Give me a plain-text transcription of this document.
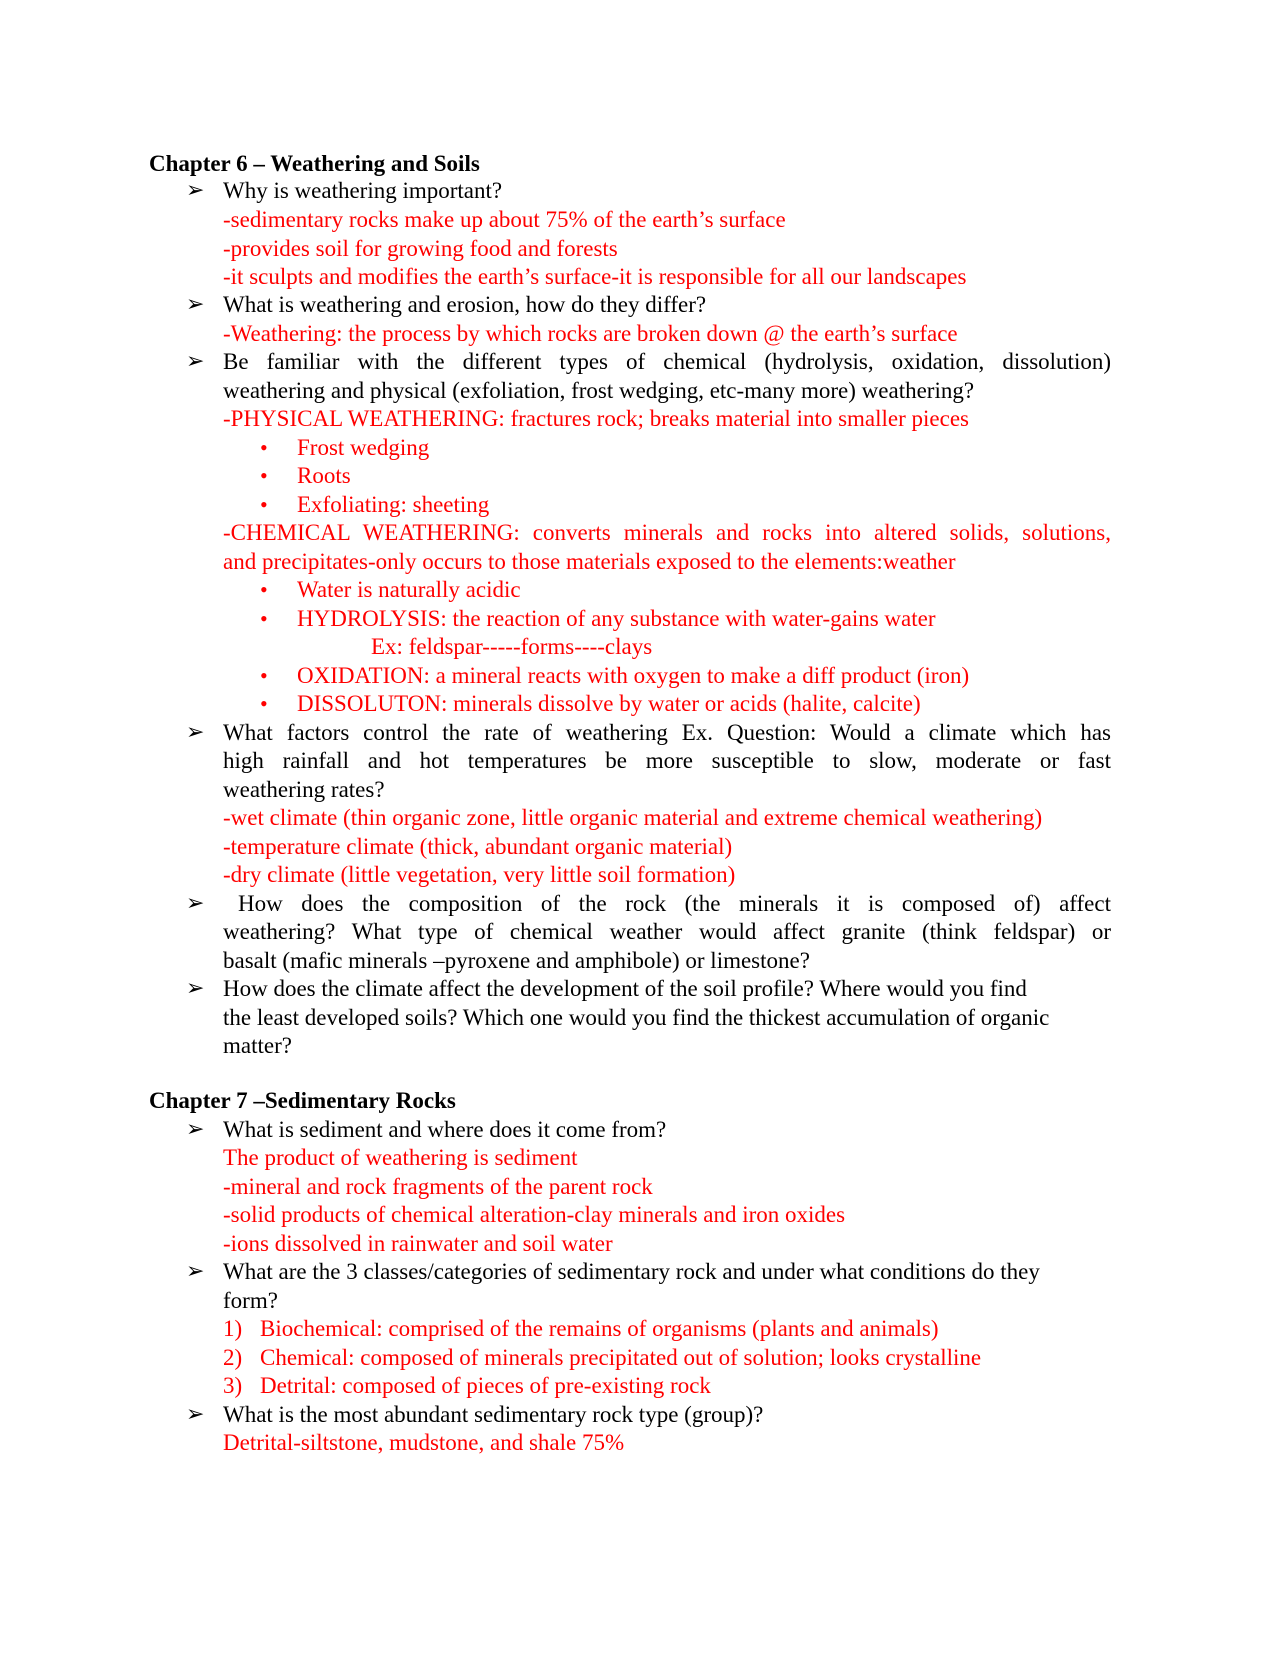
Chapter 6 – Weathering and Soils
➢ Why is weathering important?
-sedimentary rocks make up about 75% of the earth’s surface
-provides soil for growing food and forests
-it sculpts and modifies the earth’s surface-it is responsible for all our landscapes
➢ What is weathering and erosion, how do they differ?
-Weathering: the process by which rocks are broken down @ the earth’s surface
➢ Be familiar with the different types of chemical (hydrolysis, oxidation, dissolution)
weathering and physical (exfoliation, frost wedging, etc-many more) weathering?
-PHYSICAL WEATHERING: fractures rock; breaks material into smaller pieces
• Frost wedging
• Roots
• Exfoliating: sheeting
-CHEMICAL WEATHERING: converts minerals and rocks into altered solids, solutions,
and precipitates-only occurs to those materials exposed to the elements:weather
• Water is naturally acidic
• HYDROLYSIS: the reaction of any substance with water-gains water
Ex: feldspar-----forms----clays
• OXIDATION: a mineral reacts with oxygen to make a diff product (iron)
• DISSOLUTON: minerals dissolve by water or acids (halite, calcite)
➢ What factors control the rate of weathering Ex. Question: Would a climate which has
high rainfall and hot temperatures be more susceptible to slow, moderate or fast
weathering rates?
-wet climate (thin organic zone, little organic material and extreme chemical weathering)
-temperature climate (thick, abundant organic material)
-dry climate (little vegetation, very little soil formation)
➢ How does the composition of the rock (the minerals it is composed of) affect
weathering? What type of chemical weather would affect granite (think feldspar) or
basalt (mafic minerals –pyroxene and amphibole) or limestone?
➢ How does the climate affect the development of the soil profile? Where would you find
the least developed soils? Which one would you find the thickest accumulation of organic
matter?
Chapter 7 –Sedimentary Rocks
➢ What is sediment and where does it come from?
The product of weathering is sediment
-mineral and rock fragments of the parent rock
-solid products of chemical alteration-clay minerals and iron oxides
-ions dissolved in rainwater and soil water
➢ What are the 3 classes/categories of sedimentary rock and under what conditions do they
form?
1) Biochemical: comprised of the remains of organisms (plants and animals)
2) Chemical: composed of minerals precipitated out of solution; looks crystalline
3) Detrital: composed of pieces of pre-existing rock
➢ What is the most abundant sedimentary rock type (group)?
Detrital-siltstone, mudstone, and shale 75%
